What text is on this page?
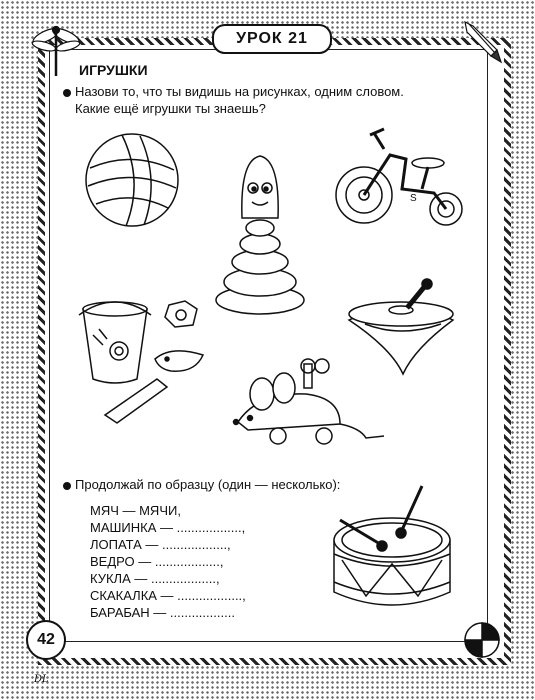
УРОК 21
ИГРУШКИ
Назови то, что ты видишь на рисунках, одним словом.
Какие ещё игрушки ты знаешь?
S
Продолжай по образцу (один — несколько):
МЯЧ — МЯЧИ,
МАШИНКА — ..................,
ЛОПАТА — ..................,
ВЕДРО — ..................,
КУКЛА — ..................,
СКАКАЛКА — ..................,
БАРАБАН — ..................
42
DL
